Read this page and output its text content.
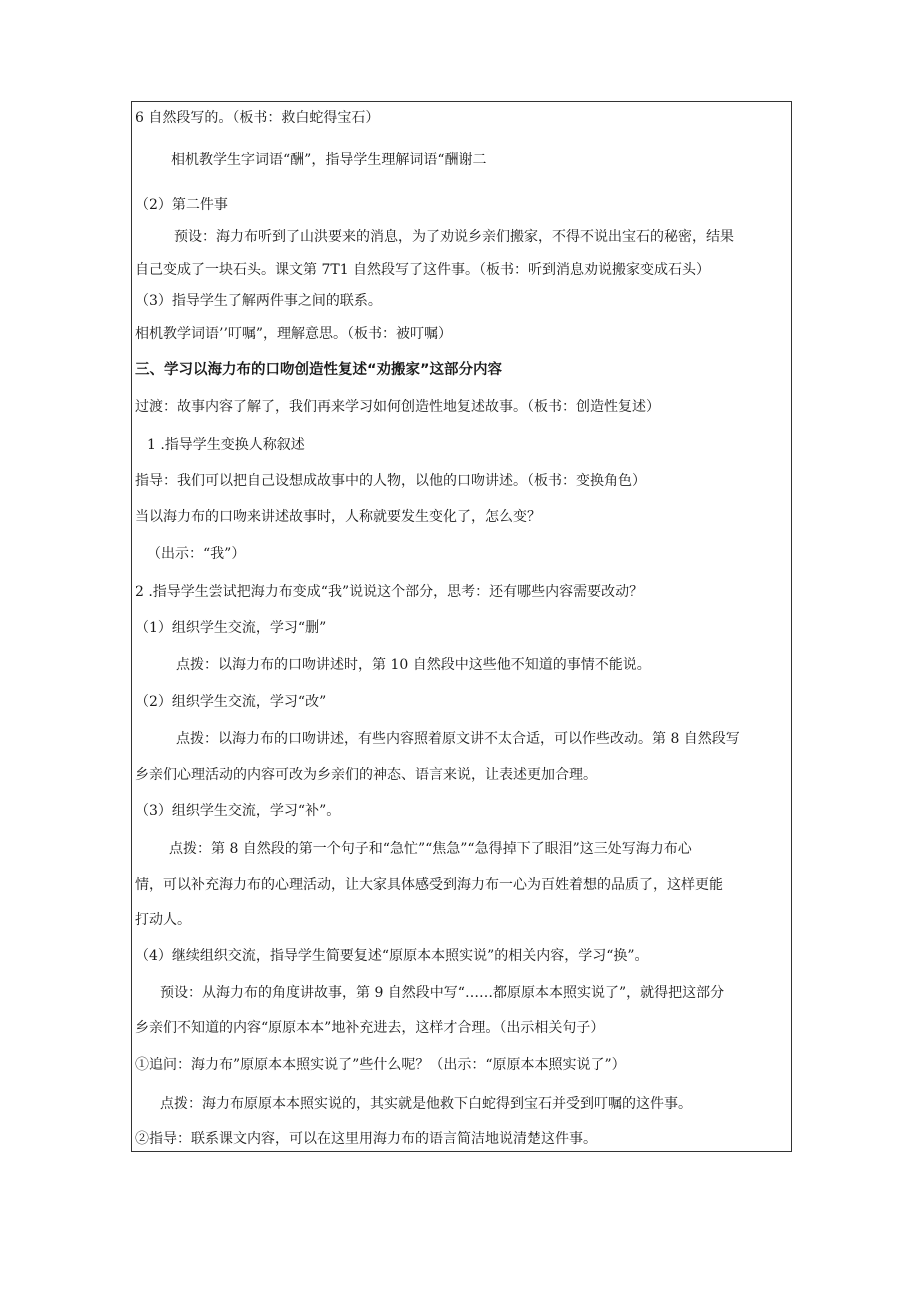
6 自然段写的。（板书：救白蛇得宝石）
相机教学生字词语“酬”，指导学生理解词语“酬谢二
（2）第二件事
预设：海力布听到了山洪要来的消息，为了劝说乡亲们搬家，不得不说出宝石的秘密，结果
自己变成了一块石头。课文第 7T1 自然段写了这件事。（板书：听到消息劝说搬家变成石头）
（3）指导学生了解两件事之间的联系。
相机教学词语’’叮嘱”，理解意思。（板书：被叮嘱）
三、学习以海力布的口吻创造性复述“劝搬家”这部分内容
过渡：故事内容了解了，我们再来学习如何创造性地复述故事。（板书：创造性复述）
1 .指导学生变换人称叙述
指导：我们可以把自己设想成故事中的人物，以他的口吻讲述。（板书：变换角色）
当以海力布的口吻来讲述故事时，人称就要发生变化了，怎么变？
（出示：“我”）
2 .指导学生尝试把海力布变成“我”说说这个部分，思考：还有哪些内容需要改动？
（1）组织学生交流，学习“删”
点拨：以海力布的口吻讲述时，第 10 自然段中这些他不知道的事情不能说。
（2）组织学生交流，学习“改”
点拨：以海力布的口吻讲述，有些内容照着原文讲不太合适，可以作些改动。第 8 自然段写
乡亲们心理活动的内容可改为乡亲们的神态、语言来说，让表述更加合理。
（3）组织学生交流，学习“补”。
点拨：第 8 自然段的第一个句子和“急忙”“焦急”“急得掉下了眼泪”这三处写海力布心
情，可以补充海力布的心理活动，让大家具体感受到海力布一心为百姓着想的品质了，这样更能
打动人。
（4）继续组织交流，指导学生简要复述“原原本本照实说”的相关内容，学习“换”。
预设：从海力布的角度讲故事，第 9 自然段中写“……都原原本本照实说了”，就得把这部分
乡亲们不知道的内容“原原本本”地补充进去，这样才合理。（出示相关句子）
①追问：海力布”原原本本照实说了”些什么呢？（出示：“原原本本照实说了”）
点拨：海力布原原本本照实说的，其实就是他救下白蛇得到宝石并受到叮嘱的这件事。
②指导：联系课文内容，可以在这里用海力布的语言简洁地说清楚这件事。
